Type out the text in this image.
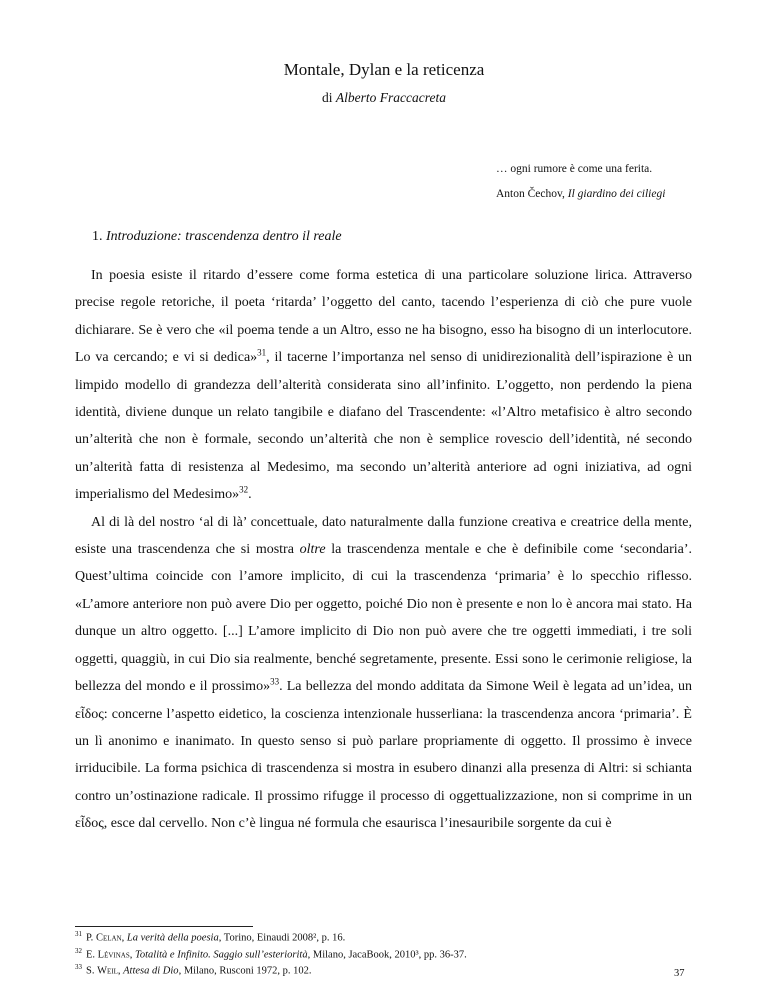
Montale, Dylan e la reticenza
di Alberto Fraccacreta
… ogni rumore è come una ferita.
Anton Čechov, Il giardino dei ciliegi
1. Introduzione: trascendenza dentro il reale

In poesia esiste il ritardo d’essere come forma estetica di una particolare soluzione lirica. Attraverso precise regole retoriche, il poeta ‘ritarda’ l’oggetto del canto, tacendo l’esperienza di ciò che pure vuole dichiarare. Se è vero che «il poema tende a un Altro, esso ne ha bisogno, esso ha bisogno di un interlocutore. Lo va cercando; e vi si dedica»$^{31}$, il tacerne l’importanza nel senso di unidirezionalità dell’ispirazione è un limpido modello di grandezza dell’alterità considerata sino all’infinito. L’oggetto, non perdendo la piena identità, diviene dunque un relato tangibile e diafano del Trascendente: «l’Altro metafisico è altro secondo un’alterità che non è formale, secondo un’alterità che non è semplice rovescio dell’identità, né secondo un’alterità fatta di resistenza al Medesimo, ma secondo un’alterità anteriore ad ogni iniziativa, ad ogni imperialismo del Medesimo»$^{32}$.

Al di là del nostro ‘al di là’ concettuale, dato naturalmente dalla funzione creativa e creatrice della mente, esiste una trascendenza che si mostra oltre la trascendenza mentale e che è definibile come ‘secondaria’. Quest’ultima coincide con l’amore implicito, di cui la trascendenza ‘primaria’ è lo specchio riflesso. «L’amore anteriore non può avere Dio per oggetto, poiché Dio non è presente e non lo è ancora mai stato. Ha dunque un altro oggetto. [...] L’amore implicito di Dio non può avere che tre oggetti immediati, i tre soli oggetti, quaggiù, in cui Dio sia realmente, benché segretamente, presente. Essi sono le cerimonie religiose, la bellezza del mondo e il prossimo»$^{33}$. La bellezza del mondo additata da Simone Weil è legata ad un’idea, un εἶδος: concerne l’aspetto eidetico, la coscienza intenzionale husserliana: la trascendenza ancora ‘primaria’. È un lì anonimo e inanimato. In questo senso si può parlare propriamente di oggetto. Il prossimo è invece irriducibile. La forma psichica di trascendenza si mostra in esubero dinanzi alla presenza di Altri: si schianta contro un’ostinazione radicale. Il prossimo rifugge il processo di oggettualizzazione, non si comprime in un εἶδος, esce dal cervello. Non c’è lingua né formula che esaurisca l’inesauribile sorgente da cui è

$^{31}$ P. Celan, La verità della poesia, Torino, Einaudi 2008², p. 16.
$^{32}$ E. Lévinas, Totalità e Infinito. Saggio sull’esteriorità, Milano, JacaBook, 2010³, pp. 36-37.
$^{33}$ S. Weil, Attesa di Dio, Milano, Rusconi 1972, p. 102.	37
